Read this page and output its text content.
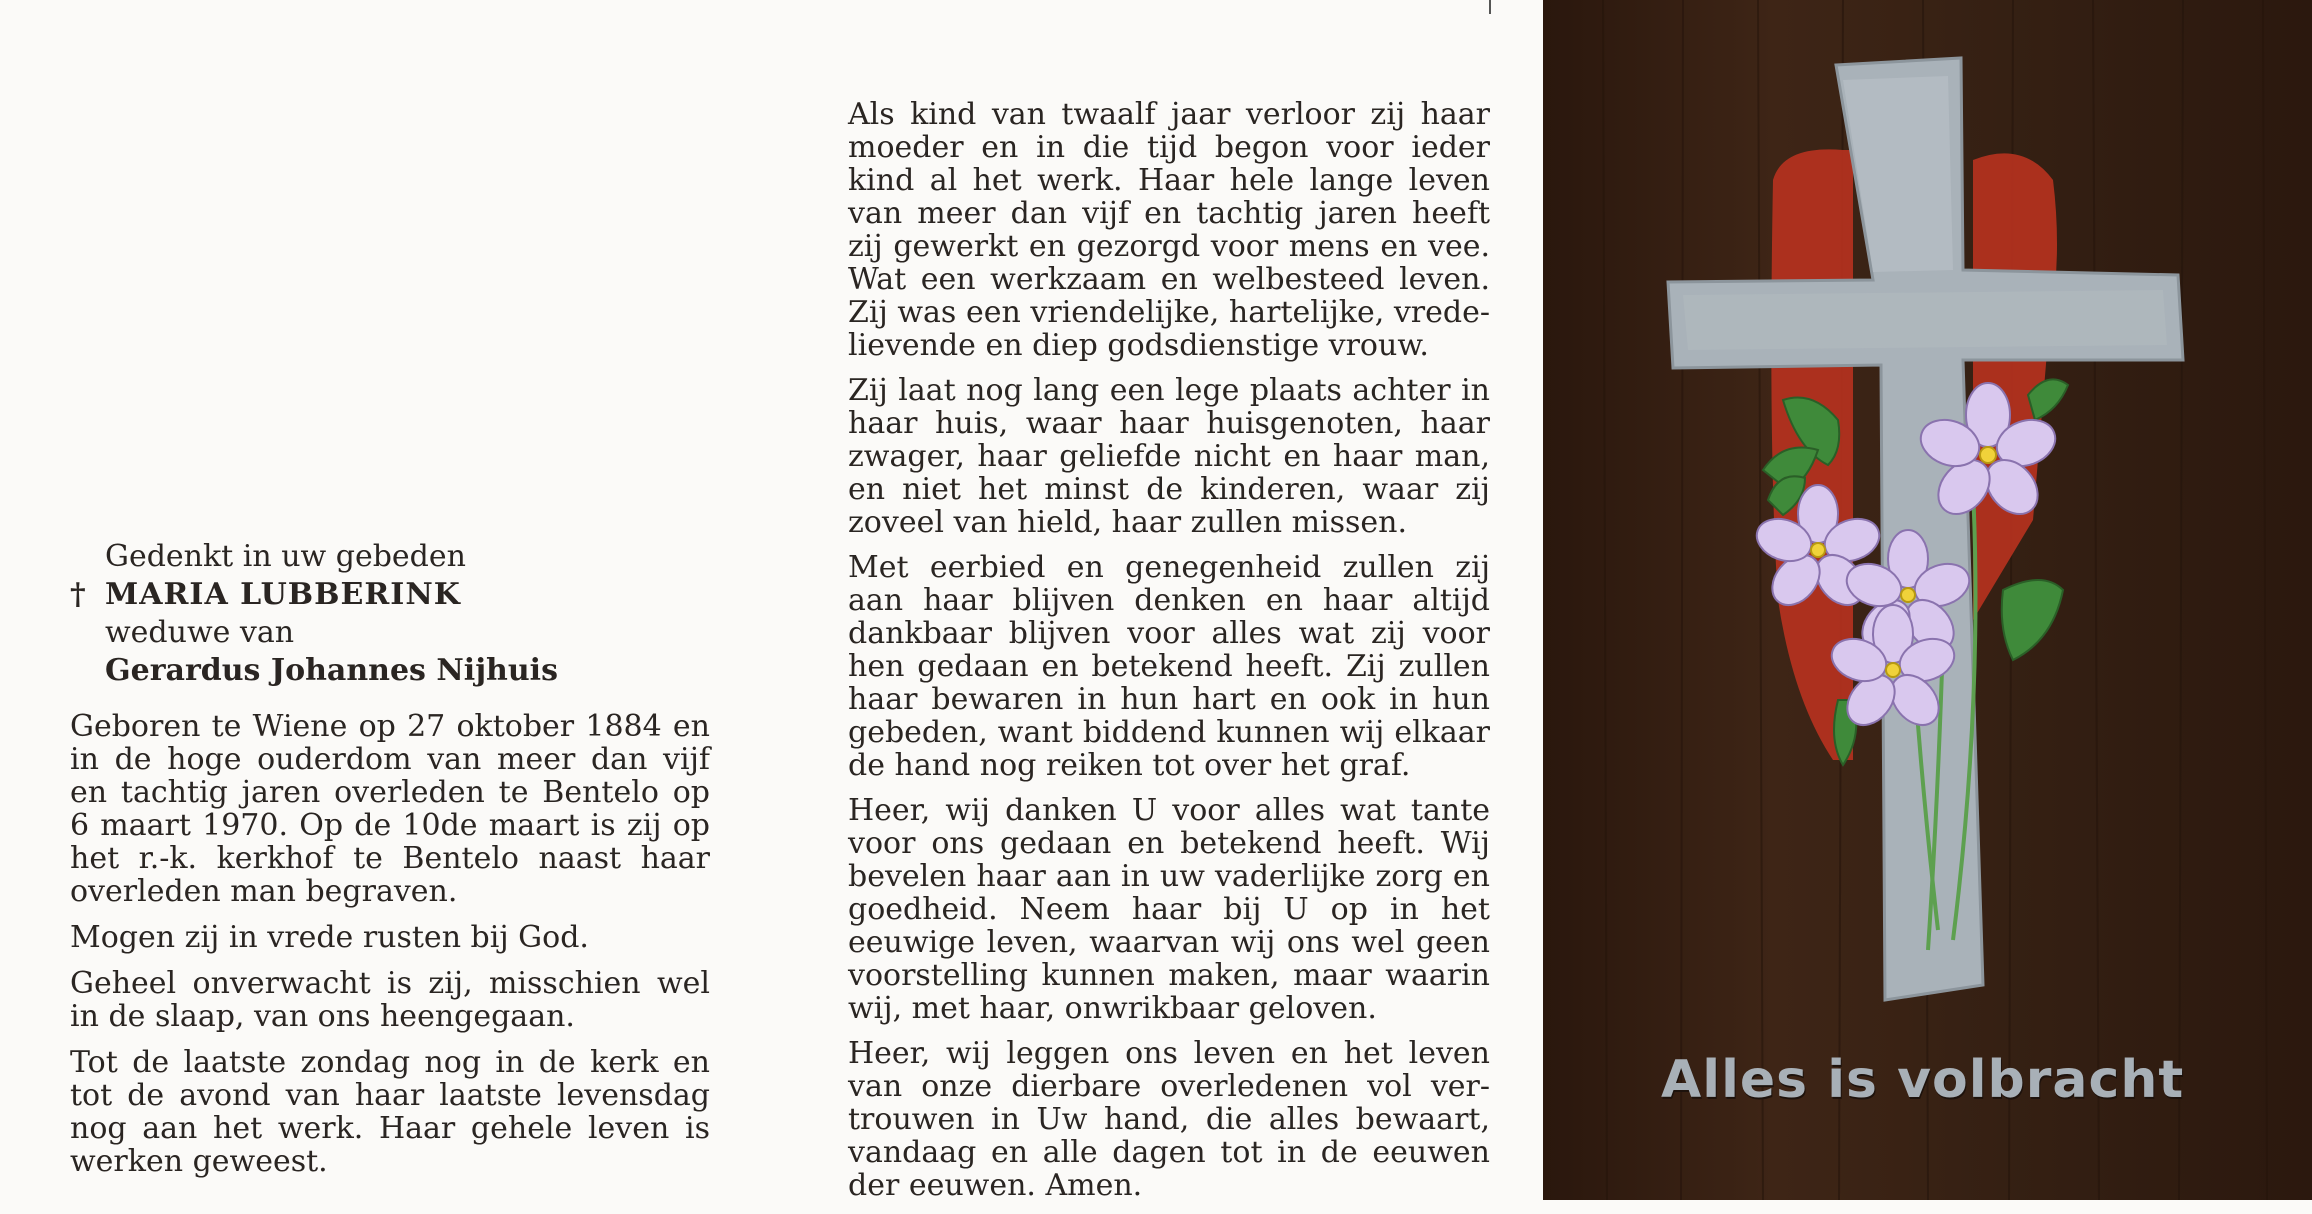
Gedenkt in uw gebeden
† MARIA LUBBERINK
weduwe van
Gerardus Johannes Nijhuis

Geboren te Wiene op 27 oktober 1884 en in de hoge ouderdom van meer dan vijf en tachtig jaren overleden te Bentelo op 6 maart 1970. Op de 10de maart is zij op het r.-k. kerkhof te Bentelo naast haar overleden man begraven.

Mogen zij in vrede rusten bij God.

Geheel onverwacht is zij, misschien wel in de slaap, van ons heengegaan.

Tot de laatste zondag nog in de kerk en tot de avond van haar laatste levensdag nog aan het werk. Haar gehele leven is werken geweest.

Als kind van twaalf jaar verloor zij haar moeder en in die tijd begon voor ieder kind al het werk. Haar hele lange leven van meer dan vijf en tachtig jaren heeft zij gewerkt en gezorgd voor mens en vee. Wat een werkzaam en welbesteed leven. Zij was een vriendelijke, hartelijke, vredelievende en diep godsdienstige vrouw.

Zij laat nog lang een lege plaats achter in haar huis, waar haar huisgenoten, haar zwager, haar geliefde nicht en haar man, en niet het minst de kinderen, waar zij zoveel van hield, haar zullen missen.

Met eerbied en genegenheid zullen zij aan haar blijven denken en haar altijd dankbaar blijven voor alles wat zij voor hen gedaan en betekend heeft. Zij zullen haar bewaren in hun hart en ook in hun gebeden, want biddend kunnen wij elkaar de hand nog reiken tot over het graf.

Heer, wij danken U voor alles wat tante voor ons gedaan en betekend heeft. Wij bevelen haar aan in uw vaderlijke zorg en goedheid. Neem haar bij U op in het eeuwige leven, waarvan wij ons wel geen voorstelling kunnen maken, maar waarin wij, met haar, onwrikbaar geloven.

Heer, wij leggen ons leven en het leven van onze dierbare overledenen vol vertrouwen in Uw hand, die alles bewaart, vandaag en alle dagen tot in de eeuwen der eeuwen. Amen.

Alles is volbracht
